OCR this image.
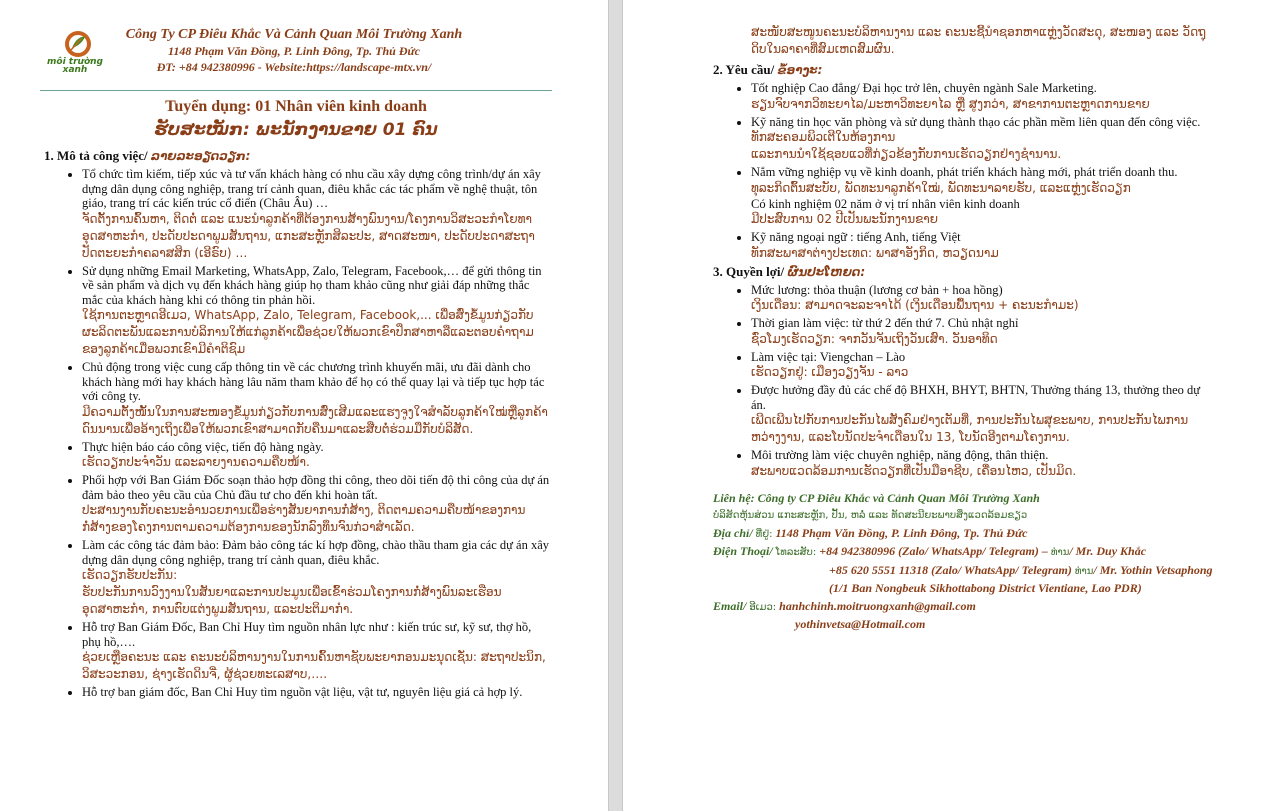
môi trường xanh
Công Ty CP Điêu Khắc Và Cảnh Quan Môi Trường Xanh
1148 Phạm Văn Đồng, P. Linh Đông, Tp. Thủ Đức
ĐT: +84 942380996 - Website:https://landscape-mtx.vn/
Tuyển dụng: 01 Nhân viên kinh doanh
ຮັບສະໝັກ: ພະນັກງານຂາຍ 01 ຄົນ
1. Mô tả công việc/ ລາຍລະອຽດວຽກ:
• Tổ chức tìm kiếm, tiếp xúc và tư vấn khách hàng có nhu cầu xây dựng công trình/dự án xây dựng dân dụng công nghiệp, trang trí cảnh quan, điêu khắc các tác phẩm về nghệ thuật, tôn giáo, trang trí các kiến trúc cổ điển (Châu Âu) …
ຈັດຕັ້ງການຄົ້ນຫາ, ຕິດຕໍ່ ແລະ ແນະນຳລູກຄ້າທີ່ຕ້ອງການສ້າງພົນງານ/ໂຄງການວິສະວະກຳໂຍທາອຸດສາຫະກຳ, ປະດັບປະດາພູມສັນຖານ, ແກະສະຫຼັກສິລະປະ, ສາດສະໜາ, ປະດັບປະດາສະຖາປັດຕະຍະກຳຄລາສສິກ (ເອີຣົບ) …
• Sử dụng những Email Marketing, WhatsApp, Zalo, Telegram, Facebook,… để gửi thông tin về sản phẩm và dịch vụ đến khách hàng giúp họ tham khảo cũng như giải đáp những thắc mắc của khách hàng khi có thông tin phản hồi.
ໃຊ້ການຕະຫຼາດອີເມວ, WhatsApp, Zalo, Telegram, Facebook,... ເພື່ອສົ່ງຂໍ້ມູນກ່ຽວກັບຜະລິດຕະພັນແລະການບໍລິການໃຫ້ແກ່ລູກຄ້າເພື່ອຊ່ວຍໃຫ້ພວກເຂົາປຶກສາຫາລືແລະຕອບຄຳຖາມຂອງລູກຄ້າເມື່ອພວກເຂົາມີຄຳຕິຊົມ
• Chủ động trong việc cung cấp thông tin về các chương trình khuyến mãi, ưu đãi dành cho khách hàng mới hay khách hàng lâu năm tham khảo để họ có thể quay lại và tiếp tục hợp tác với công ty.
ມີຄວາມຕັ້ງໜັ້ນໃນການສະໜອງຂໍ້ມູນກ່ຽວກັບການສົ່ງເສີມແລະແຮງຈູງໃຈສຳລັບລູກຄ້າໃໝ່ຫຼືລູກຄ້າດົນນານເພື່ອອ້າງເຖິງເພື່ອໃຫ້ພວກເຂົາສາມາດກັບຄືນມາແລະສືບຕໍ່ຮ່ວມມືກັບບໍລິສັດ.
• Thực hiện báo cáo công việc, tiến độ hàng ngày.
ເຮັດວຽກປະຈຳວັນ ແລະລາຍງານຄວາມຄືບໜ້າ.
• Phối hợp với Ban Giám Đốc soạn thảo hợp đồng thi công, theo dõi tiến độ thi công của dự án đảm bảo theo yêu cầu của Chủ đầu tư cho đến khi hoàn tất.
ປະສານງານກັບຄະນະອຳນວຍການເພື່ອຮ່າງສັນຍາການກໍ່ສ້າງ, ຕິດຕາມຄວາມຄືບໜ້າຂອງການກໍ່ສ້າງຂອງໂຄງການຕາມຄວາມຕ້ອງການຂອງນັກລົງທຶນຈົນກ່ວາສຳເລັດ.
• Làm các công tác đảm bảo: Đảm bảo công tác kí hợp đồng, chào thầu tham gia các dự án xây dựng dân dụng công nghiệp, trang trí cảnh quan, điêu khắc.
ເຮັດວຽກຮັບປະກັນ:
ຮັບປະກັນການວົງງານໃນສັນຍາແລະການປະມູນເພື່ອເຂົ້າຮ່ວມໂຄງການກໍ່ສ້າງພົນລະເຮືອນອຸດສາຫະກຳ, ການຕົບແຕ່ງພູມສັນຖານ, ແລະປະຕິມາກຳ.
• Hỗ trợ Ban Giám Đốc, Ban Chỉ Huy tìm nguồn nhân lực như : kiến trúc sư, kỹ sư, thợ hồ, phụ hồ,….
ຊ່ວຍເຫຼືອຄະນະ ແລະ ຄະນະບໍລິຫານງານໃນການຄົ້ນຫາຊັບພະຍາກອນມະນຸດເຊັ່ນ: ສະຖາປະນິກ, ວິສະວະກອນ, ຊ່າງເຮັດດິນຈີ່, ຜູ້ຊ່ວຍທະເລສາບ,….
• Hỗ trợ ban giám đốc, Ban Chỉ Huy tìm nguồn vật liệu, vật tư, nguyên liệu giá cả hợp lý.
ສະໜັບສະໜູນຄະນະບໍລິຫານງານ ແລະ ຄະນະຊີ້ນຳຊອກຫາແຫຼ່ງວັດສະດຸ, ສະໜອງ ແລະ ວັດຖຸດິບໃນລາຄາທີ່ສົມເຫດສົມຜົນ.
2. Yêu cầu/ ຂໍ້ອາງະ:
• Tốt nghiệp Cao đẳng/ Đại học trở lên, chuyên ngành Sale Marketing.
ຮຽນຈົບຈາກວິທະຍາໄລ/ມະຫາວິທະຍາໄລ ຫຼື ສູງກວ່າ, ສາຂາການຕະຫຼາດການຂາຍ
• Kỹ năng tin học văn phòng và sử dụng thành thạo các phần mềm liên quan đến công việc.
ທັກສະຄອມພິວເຕີໃນຫ້ອງການ
ແລະການນຳໃຊ້ຊອບແວທີ່ກ່ຽວຂ້ອງກັບການເຮັດວຽກຢ່າງຊຳນານ.
• Nắm vững nghiệp vụ về kinh doanh, phát triển khách hàng mới, phát triển doanh thu.
ທຸລະກິດຕົ້ນສະບັບ, ພັດທະນາລູກຄ້າໃໝ່, ພັດທະນາລາຍຮັບ, ແລະແຫຼ່ງເຮັດວຽກ
Có kinh nghiệm 02 năm ở vị trí nhân viên kinh doanh
ມີປະສົບການ 02 ປີເປັນພະນັກງານຂາຍ
• Kỹ năng ngoại ngữ : tiếng Anh, tiếng Việt
ທັກສະພາສາຕ່າງປະເທດ: ພາສາອັງກິດ, ຫວຽດນາມ
3. Quyền lợi/ ຜົນປະໂຫຍດ:
• Mức lương: thỏa thuận (lương cơ bản + hoa hồng)
ເງິນເດືອນ: ສາມາດຈະລະຈາໄດ້ (ເງິນເດືອນພື້ນຖານ + ຄະນະກຳມະ)
• Thời gian làm việc: từ thứ 2 đến thứ 7. Chủ nhật nghỉ
ຊົ່ວໂມງເຮັດວຽກ: ຈາກວັນຈັນເຖິງວັນເສົາ. ວັນອາທິດ
• Làm việc tại: Viengchan – Lào
ເຮັດວຽກຢູ່: ເມືອງວຽງຈັນ - ລາວ
• Được hưởng đầy đủ các chế độ BHXH, BHYT, BHTN, Thưởng tháng 13, thưởng theo dự án.
ເພີດເພີນໄປກັບການປະກັນໄພສັງຄົມຢ່າງເຕັມທີ່, ການປະກັນໄພສຸຂະພາບ, ການປະກັນໄພການຫວ່າງງານ, ແລະໂບນັດປະຈຳເດືອນໃນ 13, ໂບນັດອີງຕາມໂຄງການ.
• Môi trường làm việc chuyên nghiệp, năng động, thân thiện.
ສະພາບແວດລ້ອມການເຮັດວຽກທີ່ເປັນມືອາຊີບ, ເຄື່ອນໄຫວ, ເປັນມິດ.
Liên hệ: Công ty CP Điêu Khắc và Cảnh Quan Môi Trường Xanh
ບໍລິສັດຫຸ້ນສ່ວນ ແກະສະຫຼັກ, ປັ້ນ, ຫລໍ່ ແລະ ທັດສະນີຍະພາບສິ່ງແວດລ້ອມຂຽວ
Địa chỉ/ ທີ່ຢູ່: 1148 Phạm Văn Đồng, P. Linh Đông, Tp. Thủ Đức
Điện Thoại/ ໂທລະສັບ: +84 942380996 (Zalo/ WhatsApp/ Telegram) – ທ່ານ/ Mr. Duy Khắc
+85 620 5551 11318 (Zalo/ WhatsApp/ Telegram) ທ່ານ/ Mr. Yothin Vetsaphong
(1/1 Ban Nongbeuk Sikhottabong District Vientiane, Lao PDR)
Email/ ອີເມວ: hanhchinh.moitruongxanh@gmail.com
yothinvetsa@Hotmail.com
